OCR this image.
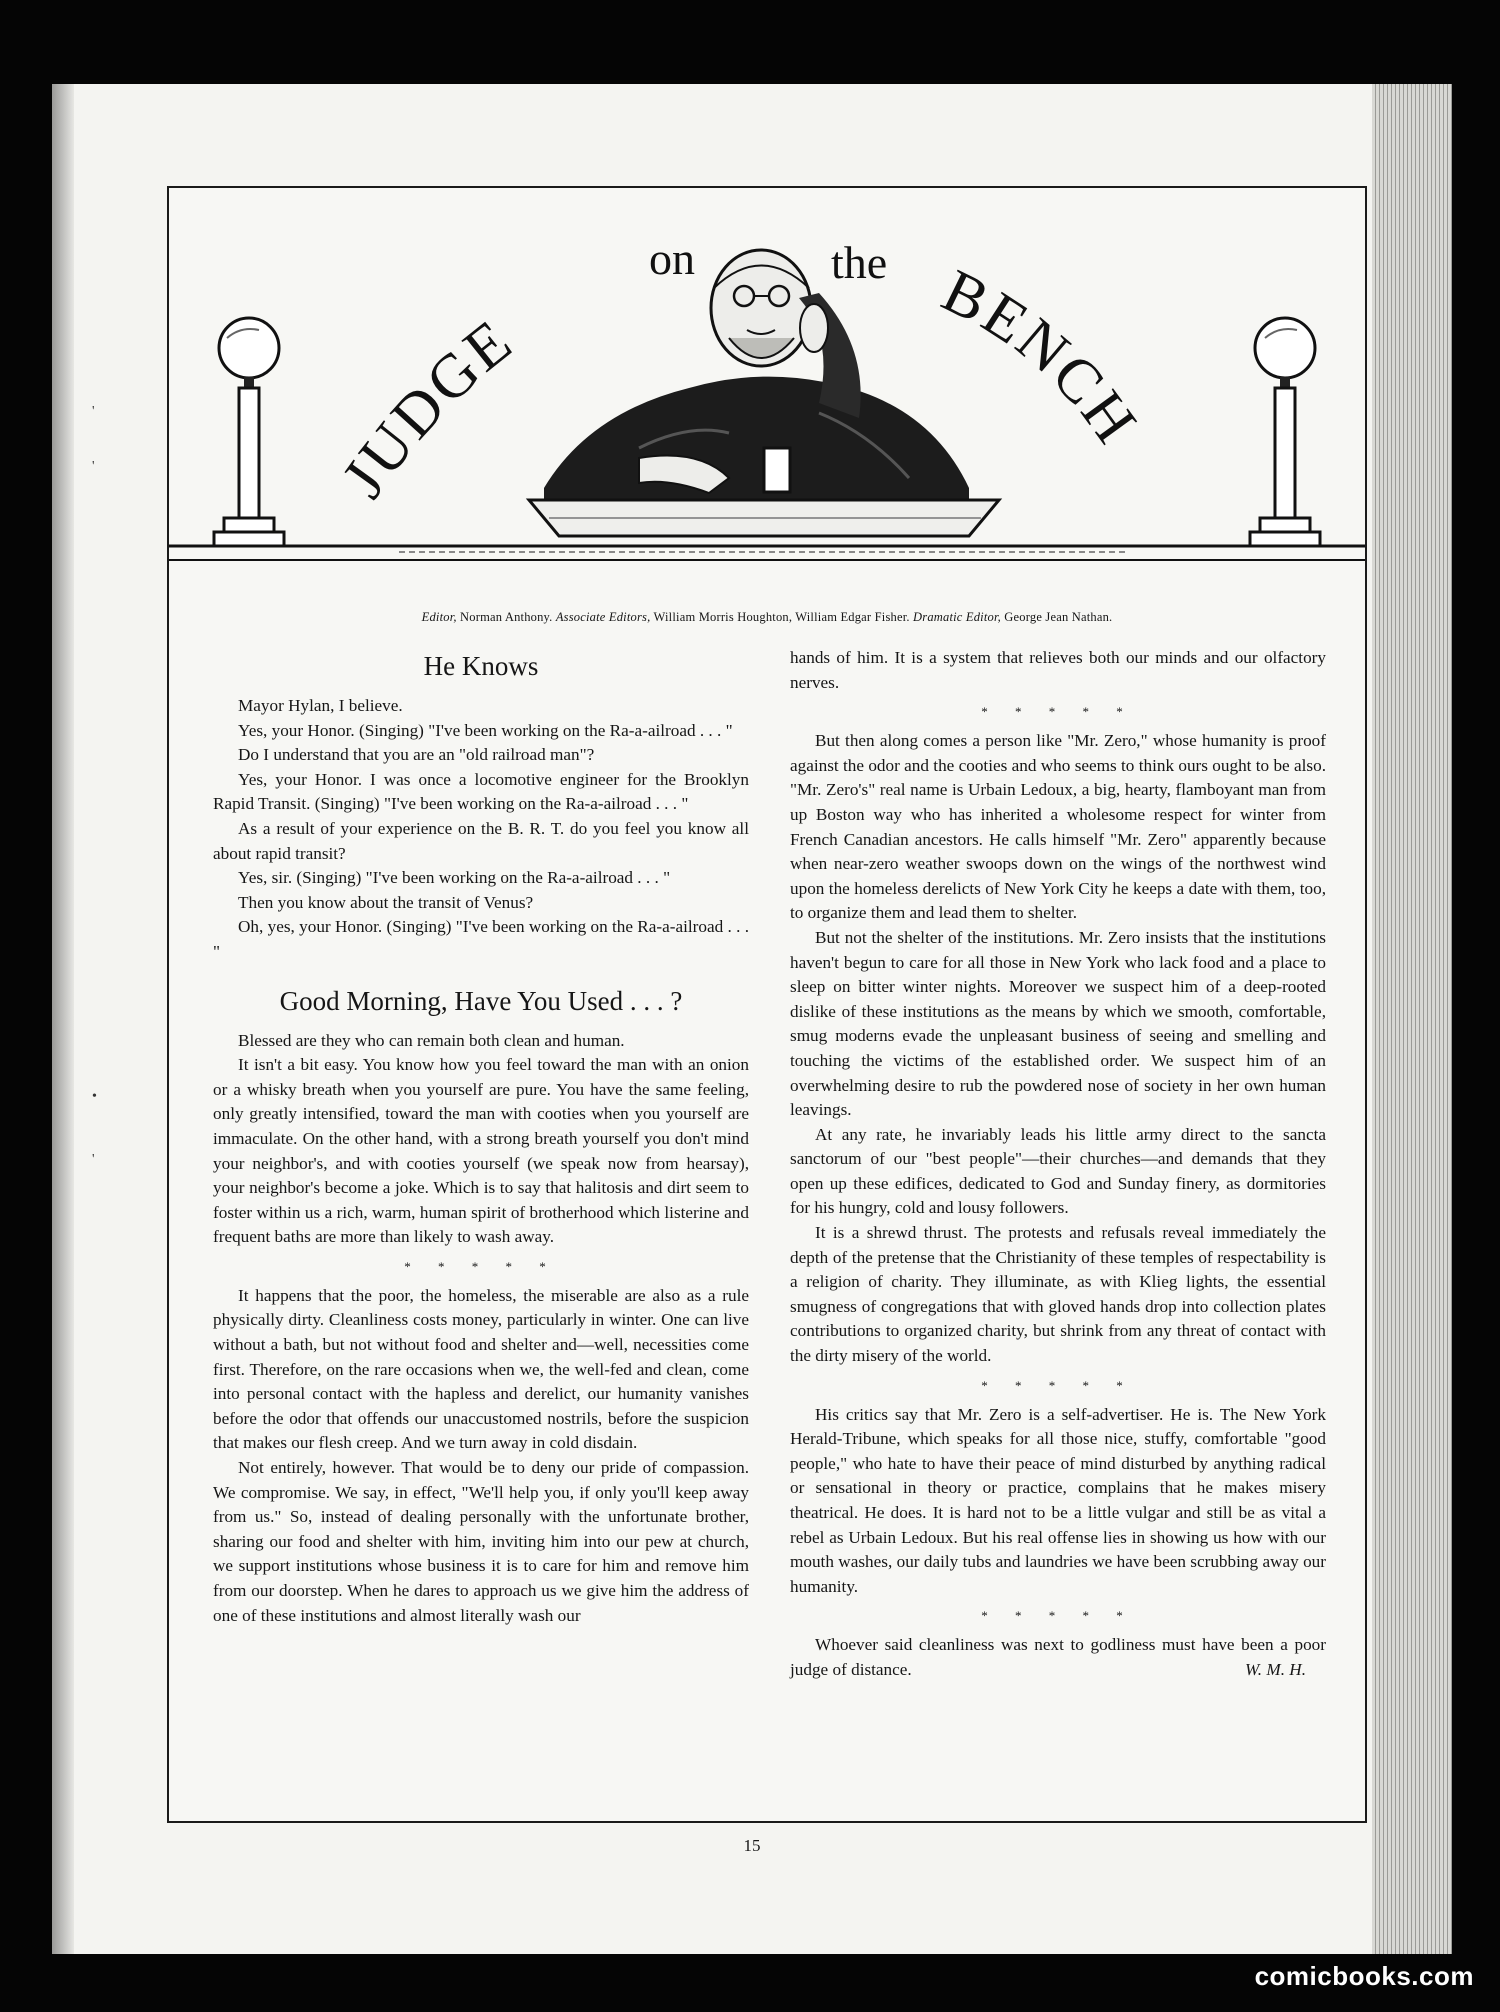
'
'
•
'
JUDGE
on	the BENCH
Editor, Norman Anthony. Associate Editors, William Morris Houghton, William Edgar Fisher. Dramatic Editor, George Jean Nathan.
He Knows

Mayor Hylan, I believe.

Yes, your Honor. (Singing) "I've been working on the Ra-a-ailroad . . . "

Do I understand that you are an "old railroad man"?

Yes, your Honor. I was once a locomotive engineer for the Brooklyn Rapid Transit. (Singing) "I've been working on the Ra-a-ailroad . . . "

As a result of your experience on the B. R. T. do you feel you know all about rapid transit?

Yes, sir. (Singing) "I've been working on the Ra-a-ailroad . . . "

Then you know about the transit of Venus?

Oh, yes, your Honor. (Singing) "I've been working on the Ra-a-ailroad . . . "

Good Morning, Have You Used . . . ?

Blessed are they who can remain both clean and human.

It isn't a bit easy. You know how you feel toward the man with an onion or a whisky breath when you yourself are pure. You have the same feeling, only greatly intensified, toward the man with cooties when you yourself are immaculate. On the other hand, with a strong breath yourself you don't mind your neighbor's, and with cooties yourself (we speak now from hearsay), your neighbor's become a joke. Which is to say that halitosis and dirt seem to foster within us a rich, warm, human spirit of brotherhood which listerine and frequent baths are more than likely to wash away.

* * * * *

It happens that the poor, the homeless, the miserable are also as a rule physically dirty. Cleanliness costs money, particularly in winter. One can live without a bath, but not without food and shelter and—well, necessities come first. Therefore, on the rare occasions when we, the well-fed and clean, come into personal contact with the hapless and derelict, our humanity vanishes before the odor that offends our unaccustomed nostrils, before the suspicion that makes our flesh creep. And we turn away in cold disdain.

Not entirely, however. That would be to deny our pride of compassion. We compromise. We say, in effect, "We'll help you, if only you'll keep away from us." So, instead of dealing personally with the unfortunate brother, sharing our food and shelter with him, inviting him into our pew at church, we support institutions whose business it is to care for him and remove him from our doorstep. When he dares to approach us we give him the address of one of these institutions and almost literally wash our

hands of him. It is a system that relieves both our minds and our olfactory nerves.

* * * * *

But then along comes a person like "Mr. Zero," whose humanity is proof against the odor and the cooties and who seems to think ours ought to be also. "Mr. Zero's" real name is Urbain Ledoux, a big, hearty, flamboyant man from up Boston way who has inherited a wholesome respect for winter from French Canadian ancestors. He calls himself "Mr. Zero" apparently because when near-zero weather swoops down on the wings of the northwest wind upon the homeless derelicts of New York City he keeps a date with them, too, to organize them and lead them to shelter.

But not the shelter of the institutions. Mr. Zero insists that the institutions haven't begun to care for all those in New York who lack food and a place to sleep on bitter winter nights. Moreover we suspect him of a deep-rooted dislike of these institutions as the means by which we smooth, comfortable, smug moderns evade the unpleasant business of seeing and smelling and touching the victims of the established order. We suspect him of an overwhelming desire to rub the powdered nose of society in her own human leavings.

At any rate, he invariably leads his little army direct to the sancta sanctorum of our "best people"—their churches—and demands that they open up these edifices, dedicated to God and Sunday finery, as dormitories for his hungry, cold and lousy followers.

It is a shrewd thrust. The protests and refusals reveal immediately the depth of the pretense that the Christianity of these temples of respectability is a religion of charity. They illuminate, as with Klieg lights, the essential smugness of congregations that with gloved hands drop into collection plates contributions to organized charity, but shrink from any threat of contact with the dirty misery of the world.

* * * * *

His critics say that Mr. Zero is a self-advertiser. He is. The New York Herald-Tribune, which speaks for all those nice, stuffy, comfortable "good people," who hate to have their peace of mind disturbed by anything radical or sensational in theory or practice, complains that he makes misery theatrical. He does. It is hard not to be a little vulgar and still be as vital a rebel as Urbain Ledoux. But his real offense lies in showing us how with our mouth washes, our daily tubs and laundries we have been scrubbing away our humanity.

* * * * *

Whoever said cleanliness was next to godliness must have been a poor judge of distance.	W. M. H.

15
comicbooks.com
